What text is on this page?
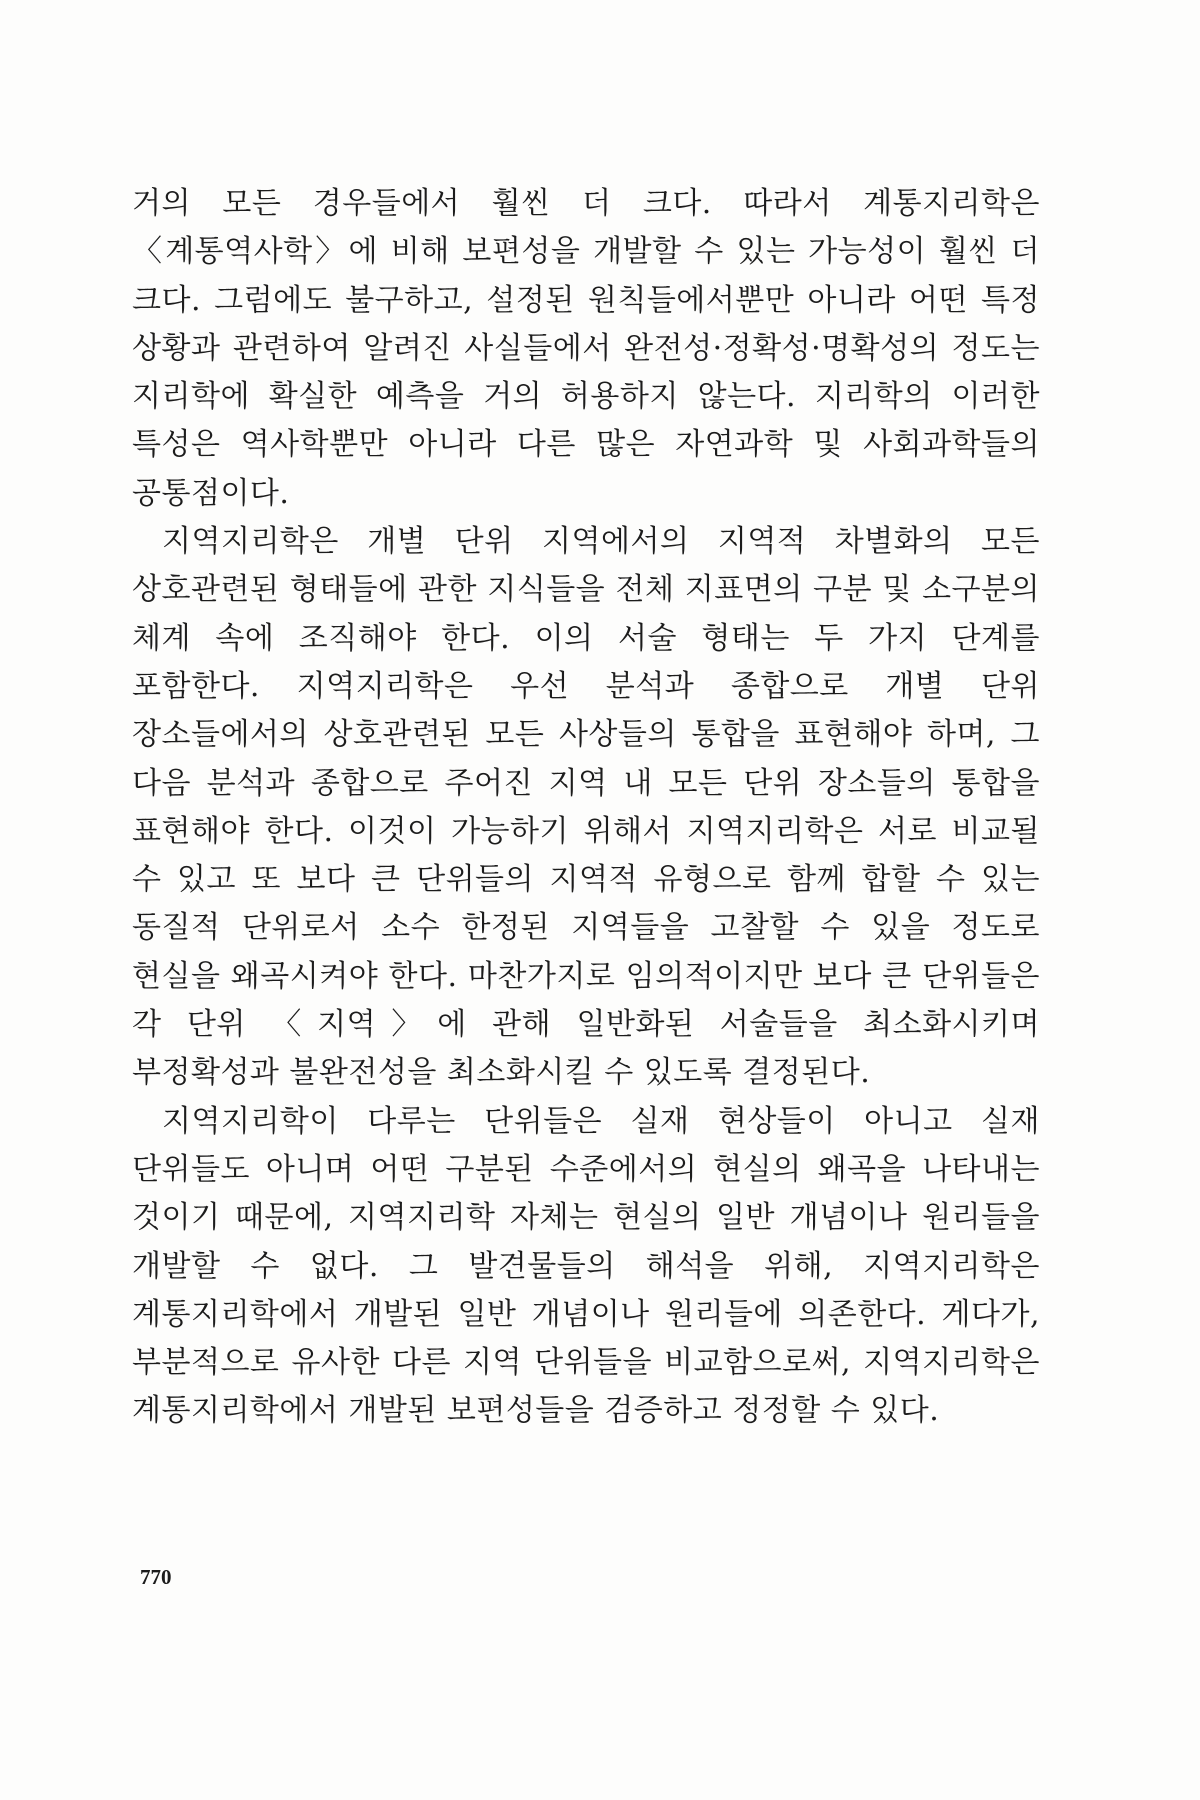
거의 모든 경우들에서 훨씬 더 크다. 따라서 계통지리학은 〈계통역사학〉에 비해 보편성을 개발할 수 있는 가능성이 훨씬 더 크다. 그럼에도 불구하고, 설정된 원칙들에서뿐만 아니라 어떤 특정 상황과 관련하여 알려진 사실들에서 완전성·정확성·명확성의 정도는 지리학에 확실한 예측을 거의 허용하지 않는다. 지리학의 이러한 특성은 역사학뿐만 아니라 다른 많은 자연과학 및 사회과학들의 공통점이다.

지역지리학은 개별 단위 지역에서의 지역적 차별화의 모든 상호관련된 형태들에 관한 지식들을 전체 지표면의 구분 및 소구분의 체계 속에 조직해야 한다. 이의 서술 형태는 두 가지 단계를 포함한다. 지역지리학은 우선 분석과 종합으로 개별 단위 장소들에서의 상호관련된 모든 사상들의 통합을 표현해야 하며, 그 다음 분석과 종합으로 주어진 지역 내 모든 단위 장소들의 통합을 표현해야 한다. 이것이 가능하기 위해서 지역지리학은 서로 비교될 수 있고 또 보다 큰 단위들의 지역적 유형으로 함께 합할 수 있는 동질적 단위로서 소수 한정된 지역들을 고찰할 수 있을 정도로 현실을 왜곡시켜야 한다. 마찬가지로 임의적이지만 보다 큰 단위들은 각 단위 〈지역〉에 관해 일반화된 서술들을 최소화시키며 부정확성과 불완전성을 최소화시킬 수 있도록 결정된다.

지역지리학이 다루는 단위들은 실재 현상들이 아니고 실재 단위들도 아니며 어떤 구분된 수준에서의 현실의 왜곡을 나타내는 것이기 때문에, 지역지리학 자체는 현실의 일반 개념이나 원리들을 개발할 수 없다. 그 발견물들의 해석을 위해, 지역지리학은 계통지리학에서 개발된 일반 개념이나 원리들에 의존한다. 게다가, 부분적으로 유사한 다른 지역 단위들을 비교함으로써, 지역지리학은 계통지리학에서 개발된 보편성들을 검증하고 정정할 수 있다.

770
